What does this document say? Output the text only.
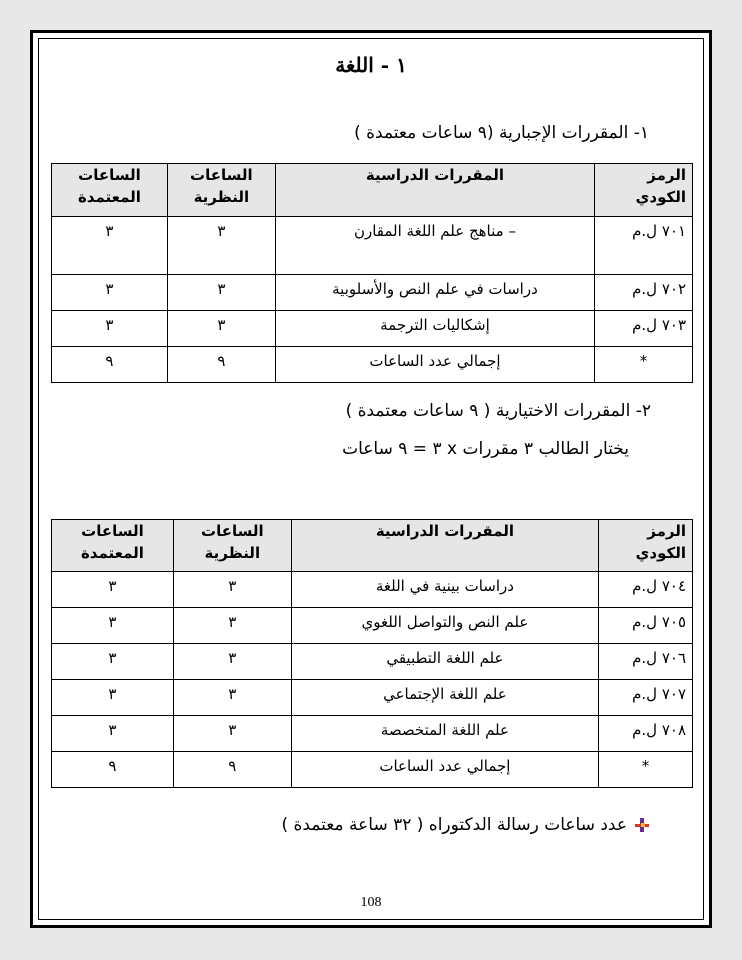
١ - اللغة
١- المقررات الإجبارية (٩ ساعات معتمدة )
الرمز الكودي	المقررات الدراسية	الساعات النظرية	الساعات المعتمدة
٧٠١ ل.م	– مناهج علم اللغة المقارن	٣	٣
٧٠٢ ل.م	دراسات في علم النص والأسلوبية	٣	٣
٧٠٣ ل.م	إشكاليات الترجمة	٣	٣
*	إجمالي عدد الساعات	٩	٩
٢- المقررات الاختيارية ( ٩ ساعات معتمدة )
يختار الطالب ٣ مقررات x ٣ = ٩ ساعات
الرمز الكودي	المقررات الدراسية	الساعات النظرية	الساعات المعتمدة
٧٠٤ ل.م	دراسات بينية في اللغة	٣	٣
٧٠٥ ل.م	علم النص والتواصل اللغوي	٣	٣
٧٠٦ ل.م	علم اللغة التطبيقي	٣	٣
٧٠٧ ل.م	علم اللغة الإجتماعي	٣	٣
٧٠٨ ل.م	علم اللغة المتخصصة	٣	٣
*	إجمالي عدد الساعات	٩	٩
عدد ساعات رسالة الدكتوراه ( ٣٢ ساعة معتمدة )
108
